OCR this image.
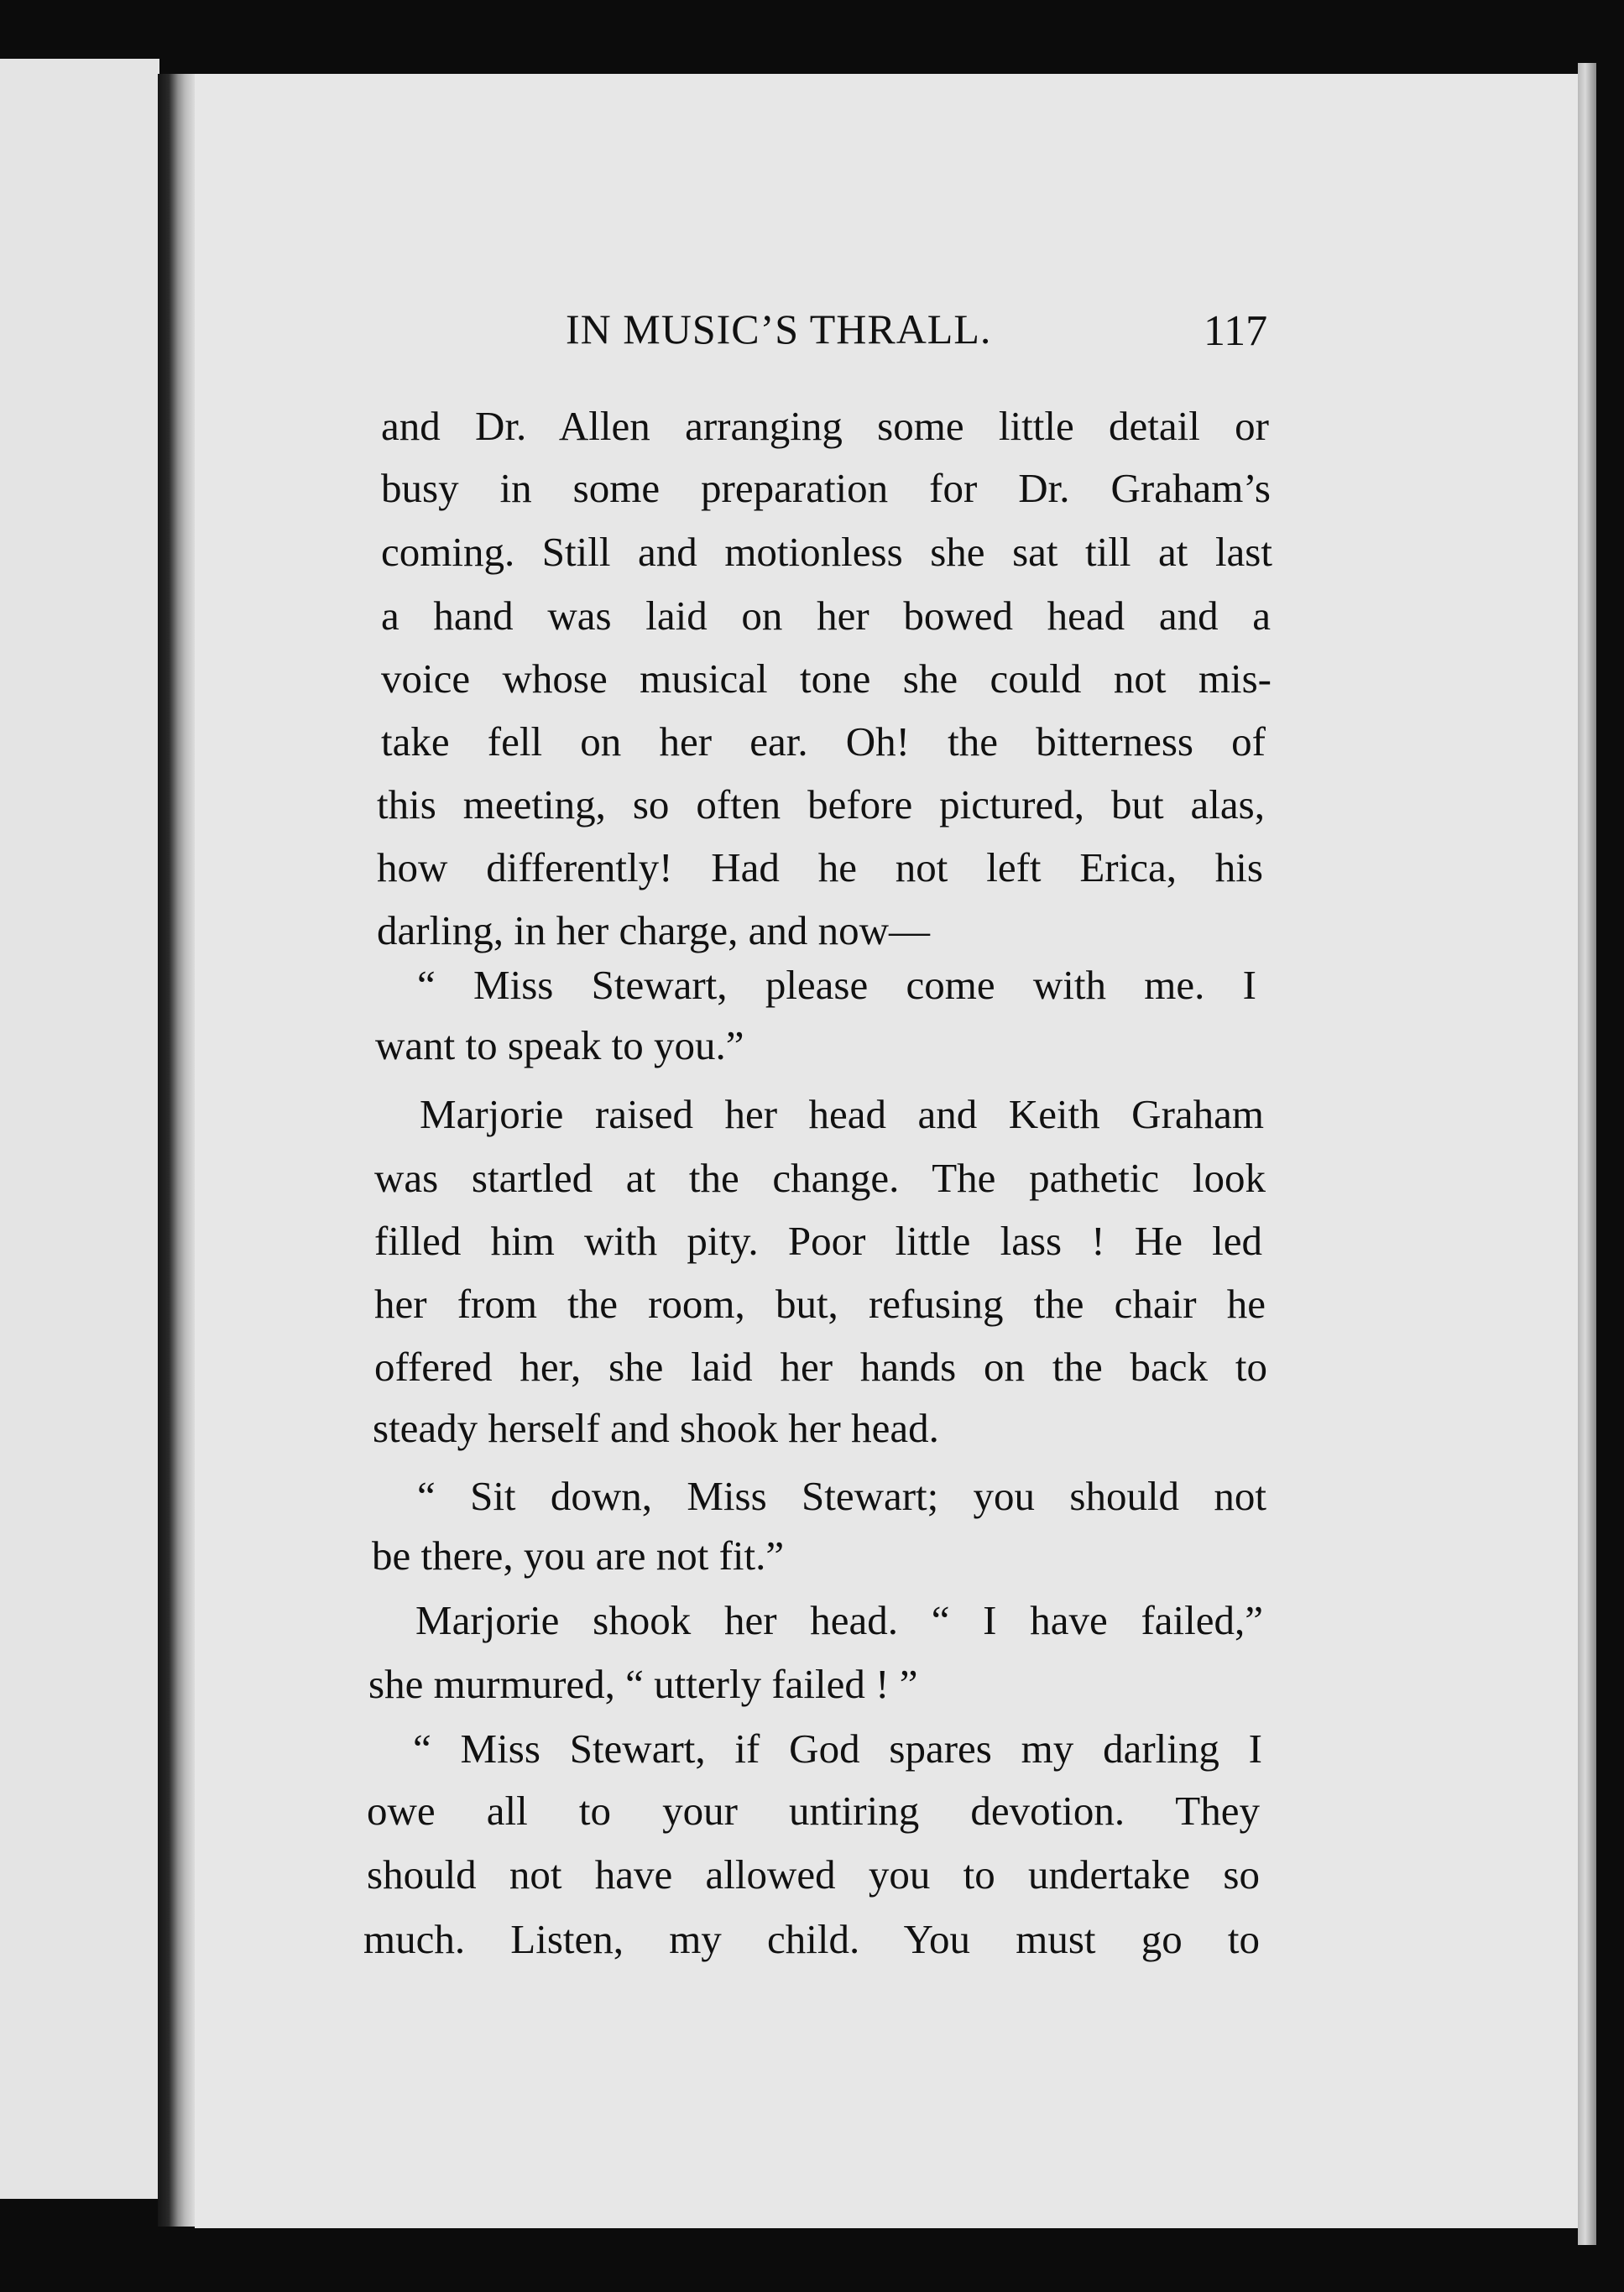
IN MUSIC’S THRALL.	117
and Dr. Allen arranging some little detail or
busy in some preparation for Dr. Graham’s
coming. Still and motionless she sat till at last
a hand was laid on her bowed head and a
voice whose musical tone she could not mis-
take fell on her ear. Oh! the bitterness of
this meeting, so often before pictured, but alas,
how differently! Had he not left Erica, his
darling, in her charge, and now—
“ Miss Stewart, please come with me. I
want to speak to you.”
Marjorie raised her head and Keith Graham
was startled at the change. The pathetic look
filled him with pity. Poor little lass ! He led
her from the room, but, refusing the chair he
offered her, she laid her hands on the back to
steady herself and shook her head.
“ Sit down, Miss Stewart; you should not
be there, you are not fit.”
Marjorie shook her head. “ I have failed,”
she murmured, “ utterly failed ! ”
“ Miss Stewart, if God spares my darling I
owe all to your untiring devotion. They
should not have allowed you to undertake so
much. Listen, my child. You must go to
